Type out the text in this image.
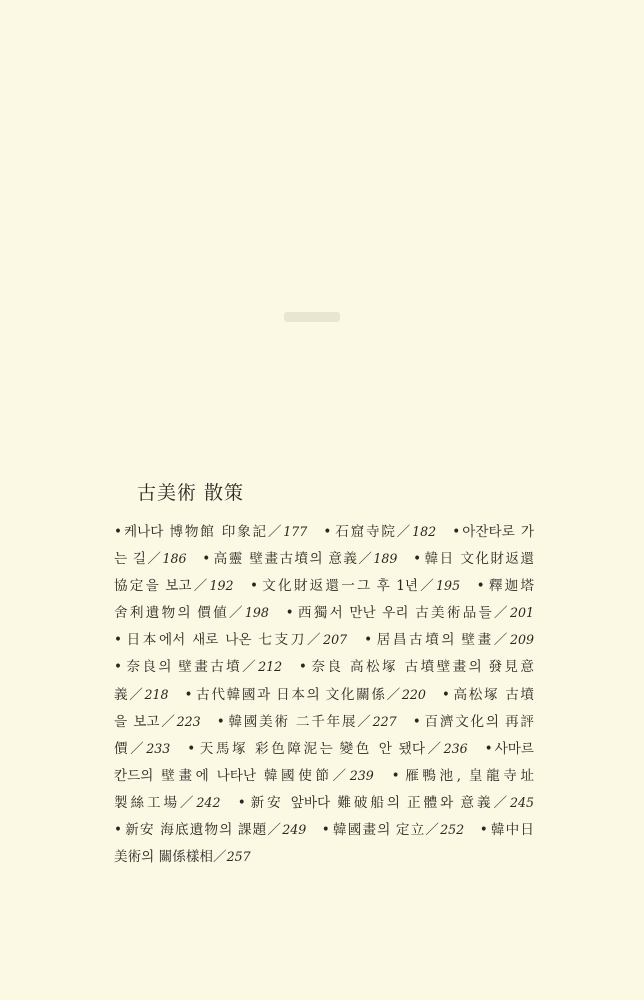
古美術 散策
• 케나다 博物館 印象記／177 • 石窟寺院／182 • 아잔타로 가
는 길／186 • 高靈 壁畫古墳의 意義／189 • 韓日 文化財返還
協定을 보고／192 • 文化財返還一그 후 1년／195 • 釋迦塔
舍利遺物의 價値／198 • 西獨서 만난 우리 古美術品들／201
• 日本에서 새로 나온 七支刀／207 • 居昌古墳의 壁畫／209
• 奈良의 壁畫古墳／212 • 奈良 高松塚 古墳壁畫의 發見意
義／218 • 古代韓國과 日本의 文化關係／220 • 高松塚 古墳
을 보고／223 • 韓國美術 二千年展／227 • 百濟文化의 再評
價／233 • 天馬塚 彩色障泥는 變色 안 됐다／236 • 사마르
칸드의 壁畫에 나타난 韓國使節／239 • 雁鴨池, 皇龍寺址
製絲工場／242 • 新安 앞바다 難破船의 正體와 意義／245
• 新安 海底遺物의 課題／249 • 韓國畫의 定立／252 • 韓中日
美術의 關係樣相／257
